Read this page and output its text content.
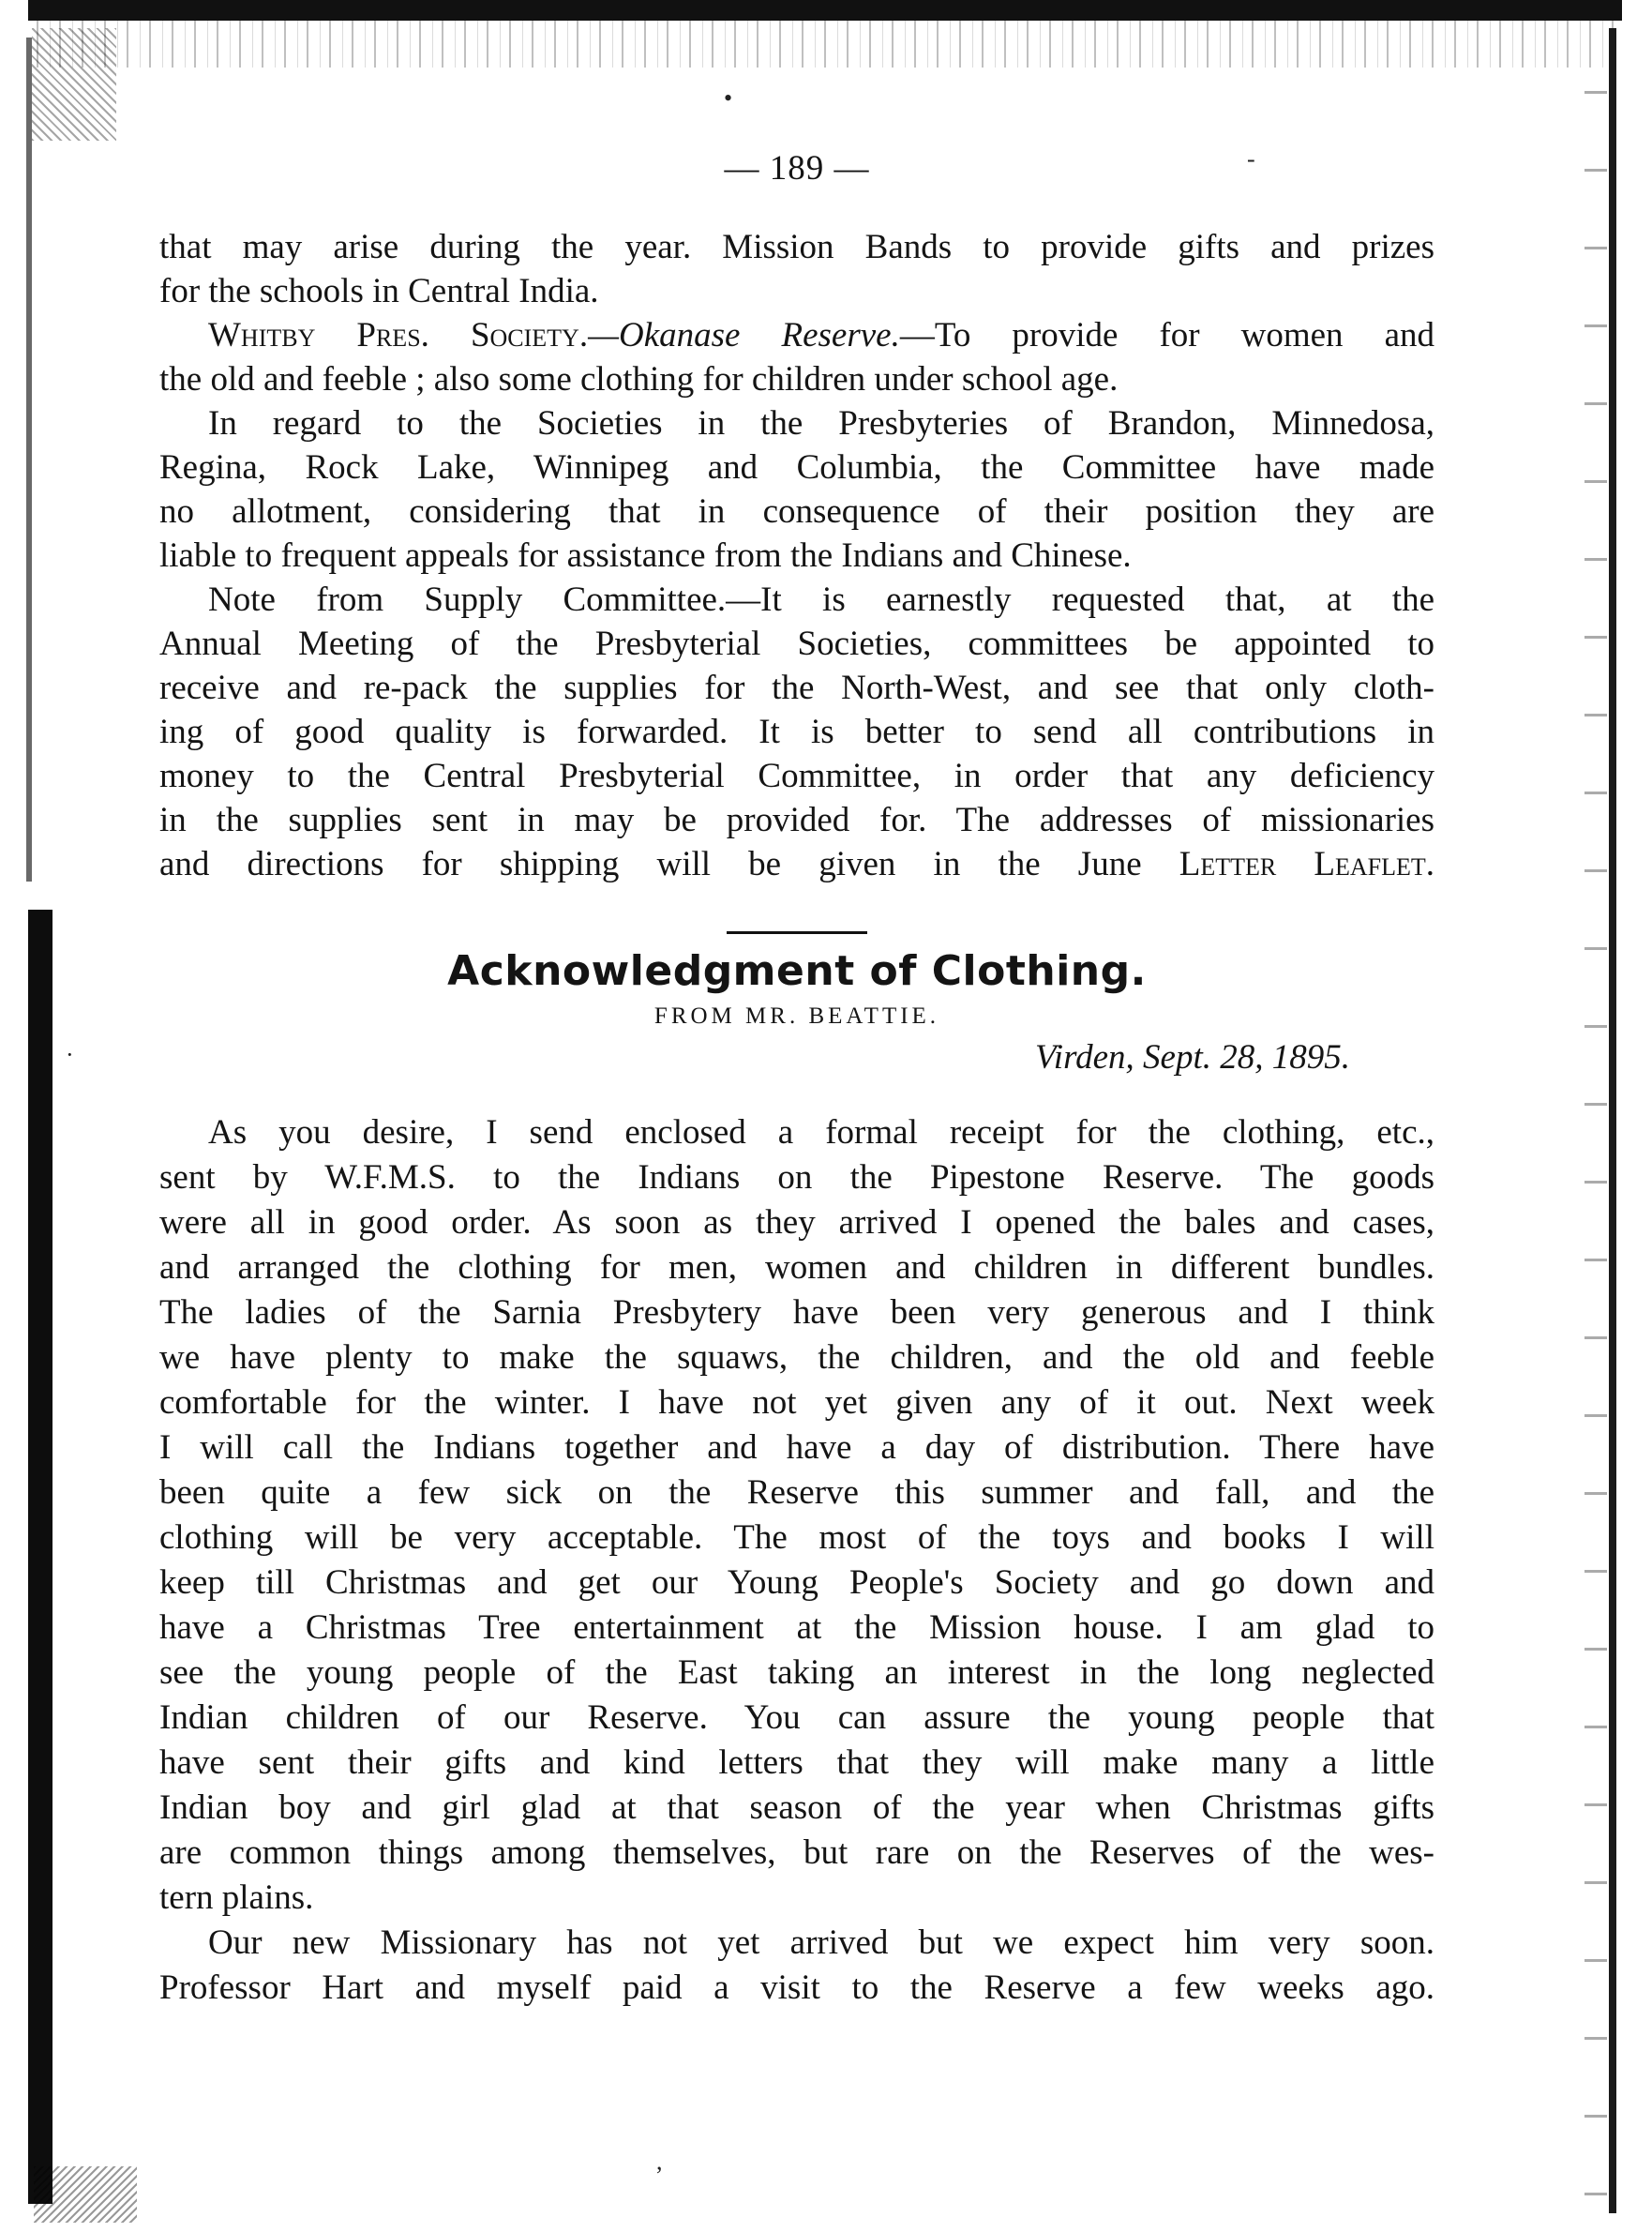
— 189 —
that may arise during the year. Mission Bands to provide gifts and prizes
for the schools in Central India.
Whitby Pres. Society.—Okanase Reserve.—To provide for women and
the old and feeble ; also some clothing for children under school age.
In regard to the Societies in the Presbyteries of Brandon, Minnedosa,
Regina, Rock Lake, Winnipeg and Columbia, the Committee have made
no allotment, considering that in consequence of their position they are
liable to frequent appeals for assistance from the Indians and Chinese.
Note from Supply Committee.—It is earnestly requested that, at the
Annual Meeting of the Presbyterial Societies, committees be appointed to
receive and re-pack the supplies for the North-West, and see that only cloth-
ing of good quality is forwarded. It is better to send all contributions in
money to the Central Presbyterial Committee, in order that any deficiency
in the supplies sent in may be provided for. The addresses of missionaries
and directions for shipping will be given in the June Letter Leaflet.
Acknowledgment of Clothing.
FROM MR. BEATTIE.
Virden, Sept. 28, 1895.
As you desire, I send enclosed a formal receipt for the clothing, etc.,
sent by W.F.M.S. to the Indians on the Pipestone Reserve. The goods
were all in good order. As soon as they arrived I opened the bales and cases,
and arranged the clothing for men, women and children in different bundles.
The ladies of the Sarnia Presbytery have been very generous and I think
we have plenty to make the squaws, the children, and the old and feeble
comfortable for the winter. I have not yet given any of it out. Next week
I will call the Indians together and have a day of distribution. There have
been quite a few sick on the Reserve this summer and fall, and the
clothing will be very acceptable. The most of the toys and books I will
keep till Christmas and get our Young People's Society and go down and
have a Christmas Tree entertainment at the Mission house. I am glad to
see the young people of the East taking an interest in the long neglected
Indian children of our Reserve. You can assure the young people that
have sent their gifts and kind letters that they will make many a little
Indian boy and girl glad at that season of the year when Christmas gifts
are common things among themselves, but rare on the Reserves of the wes-
tern plains.
Our new Missionary has not yet arrived but we expect him very soon.
Professor Hart and myself paid a visit to the Reserve a few weeks ago.
·
-
•
,
